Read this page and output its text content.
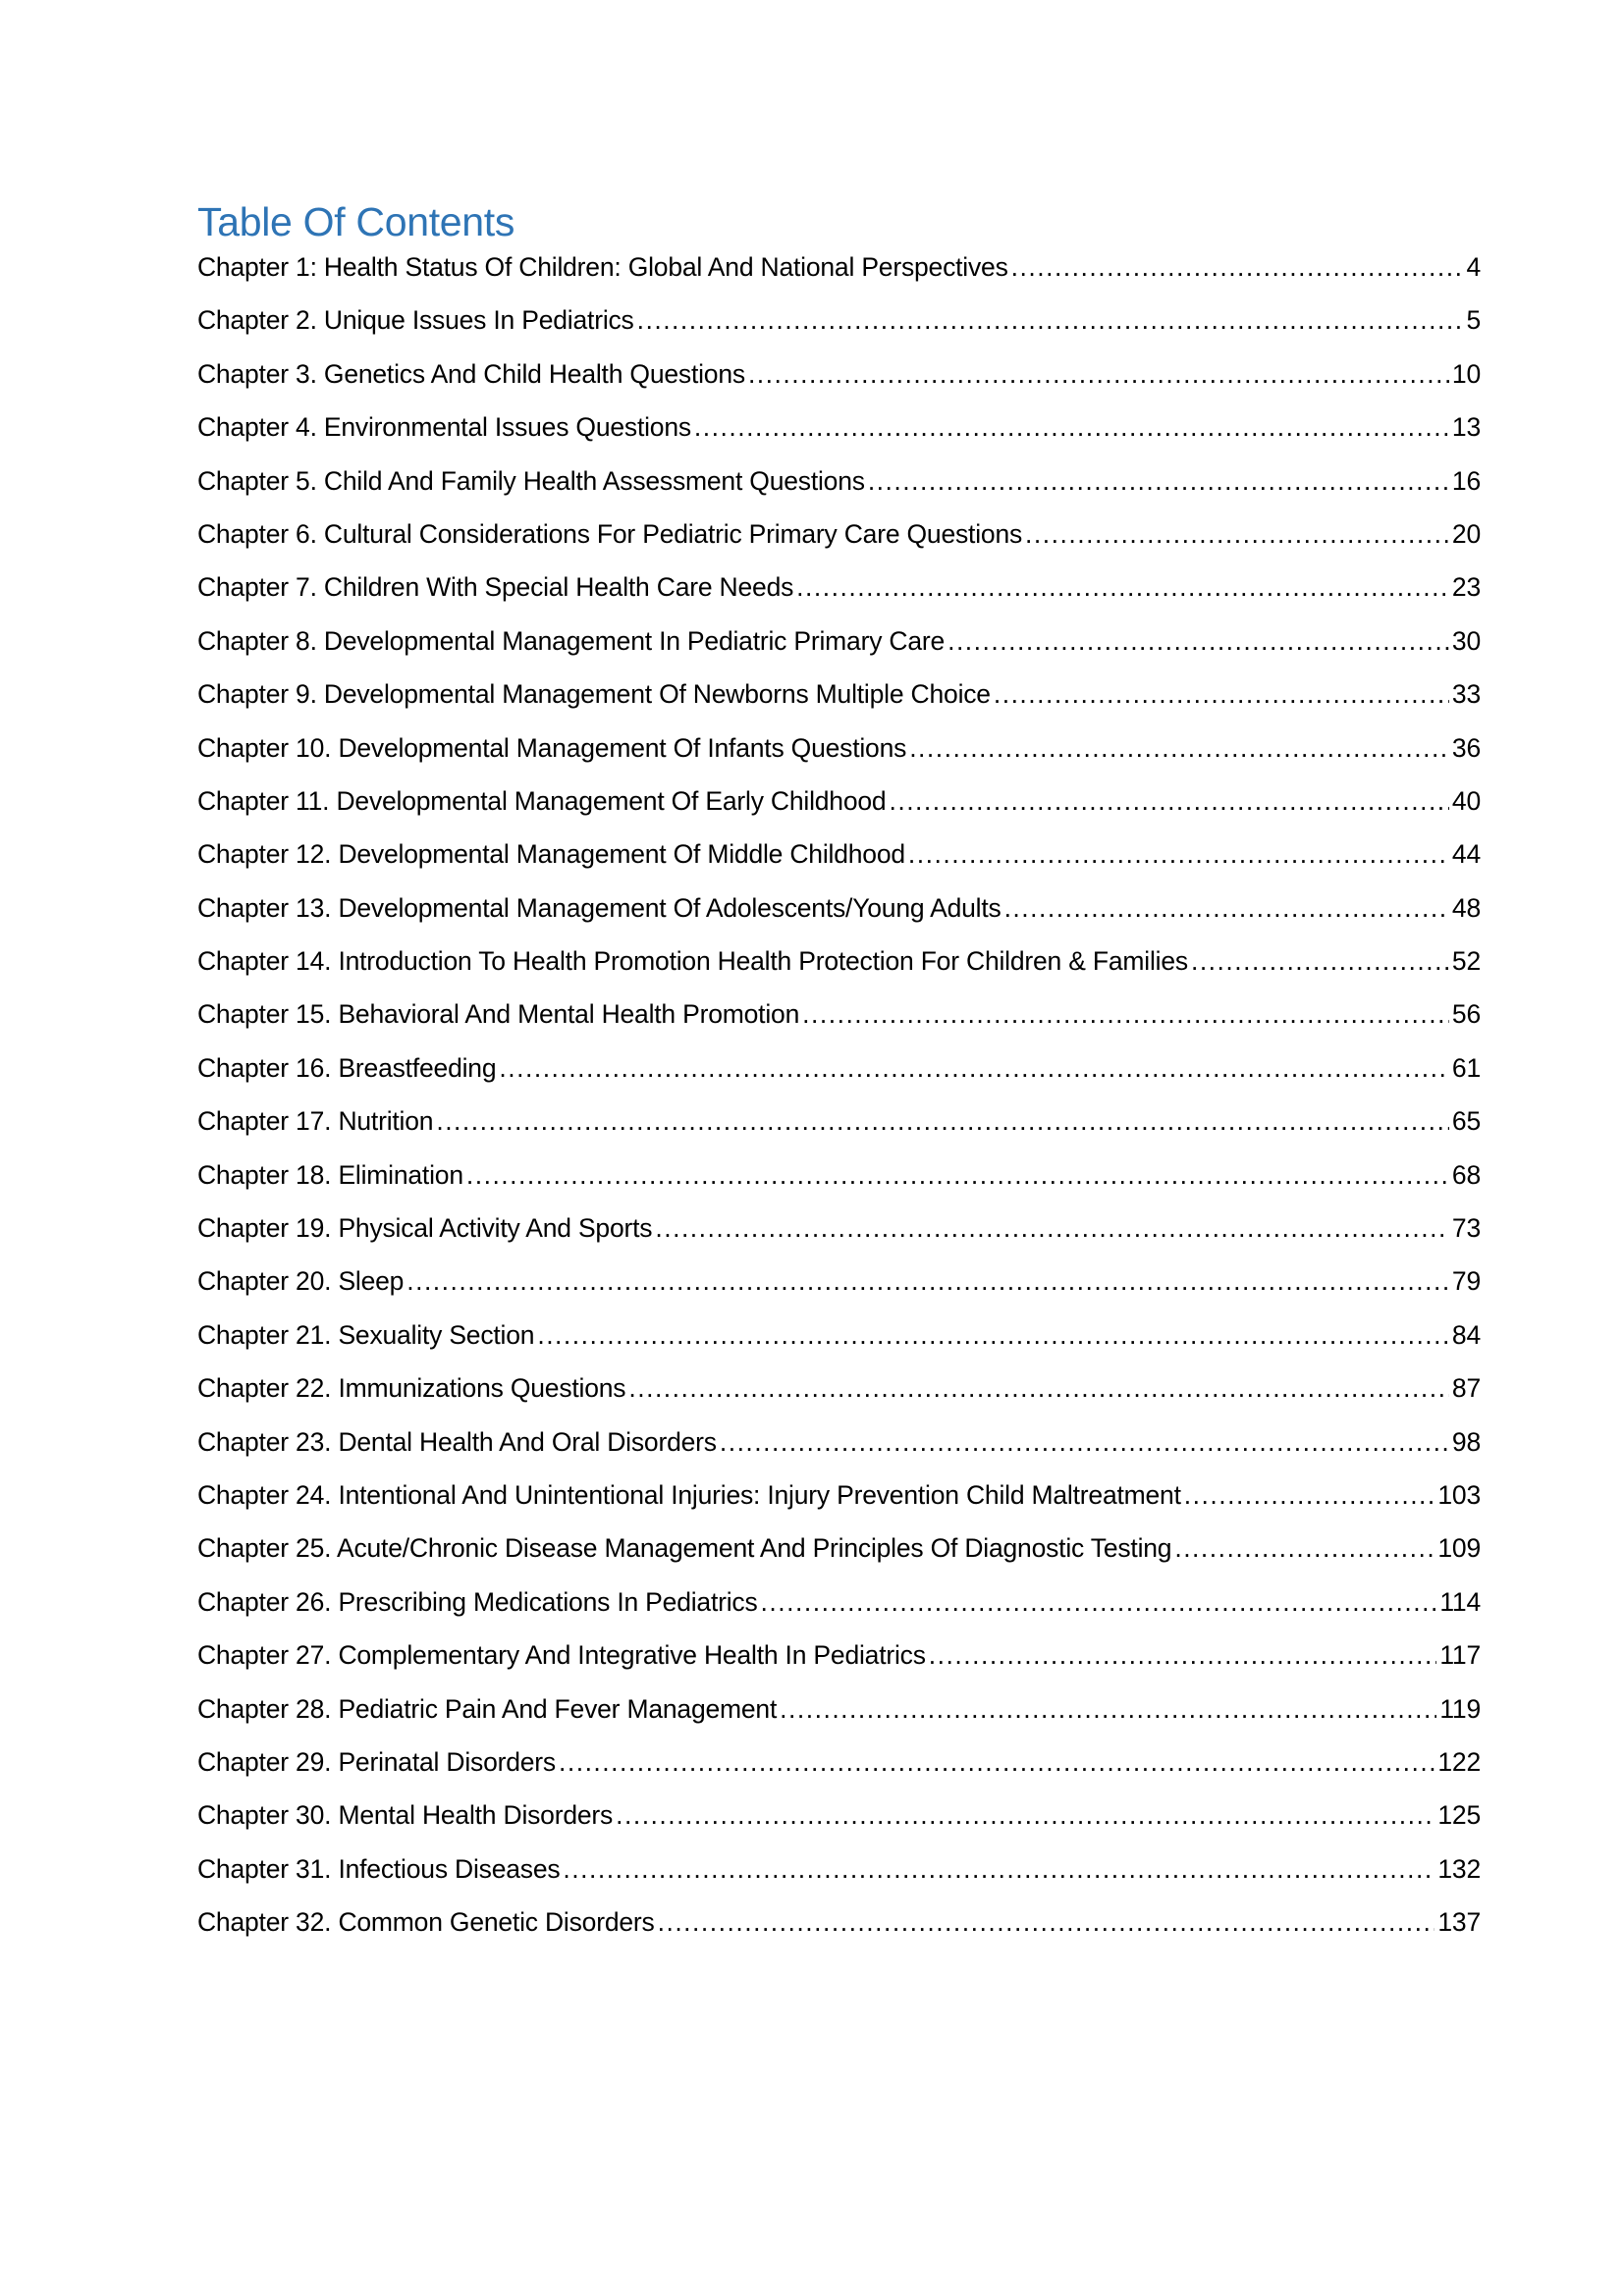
Table Of Contents
Chapter 1: Health Status Of Children: Global And National Perspectives .....	4
Chapter 2. Unique Issues In Pediatrics .....	5
Chapter 3. Genetics And Child Health Questions .....	10
Chapter 4. Environmental Issues Questions .....	13
Chapter 5. Child And Family Health Assessment Questions .....	16
Chapter 6. Cultural Considerations For Pediatric Primary Care Questions .....	20
Chapter 7. Children With Special Health Care Needs .....	23
Chapter 8. Developmental Management In Pediatric Primary Care .....	30
Chapter 9. Developmental Management Of Newborns Multiple Choice .....	33
Chapter 10. Developmental Management Of Infants Questions .....	36
Chapter 11. Developmental Management Of Early Childhood .....	40
Chapter 12. Developmental Management Of Middle Childhood .....	44
Chapter 13. Developmental Management Of Adolescents/Young Adults .....	48
Chapter 14. Introduction To Health Promotion Health Protection For Children & Families .....	52
Chapter 15. Behavioral And Mental Health Promotion .....	56
Chapter 16. Breastfeeding .....	61
Chapter 17. Nutrition .....	65
Chapter 18. Elimination .....	68
Chapter 19. Physical Activity And Sports .....	73
Chapter 20. Sleep .....	79
Chapter 21. Sexuality Section .....	84
Chapter 22. Immunizations Questions .....	87
Chapter 23. Dental Health And Oral Disorders .....	98
Chapter 24. Intentional And Unintentional Injuries: Injury Prevention Child Maltreatment .....	103
Chapter 25. Acute/Chronic Disease Management And Principles Of Diagnostic Testing .....	109
Chapter 26. Prescribing Medications In Pediatrics .....	114
Chapter 27. Complementary And Integrative Health In Pediatrics .....	117
Chapter 28. Pediatric Pain And Fever Management .....	119
Chapter 29. Perinatal Disorders .....	122
Chapter 30. Mental Health Disorders .....	125
Chapter 31. Infectious Diseases .....	132
Chapter 32. Common Genetic Disorders .....	137
